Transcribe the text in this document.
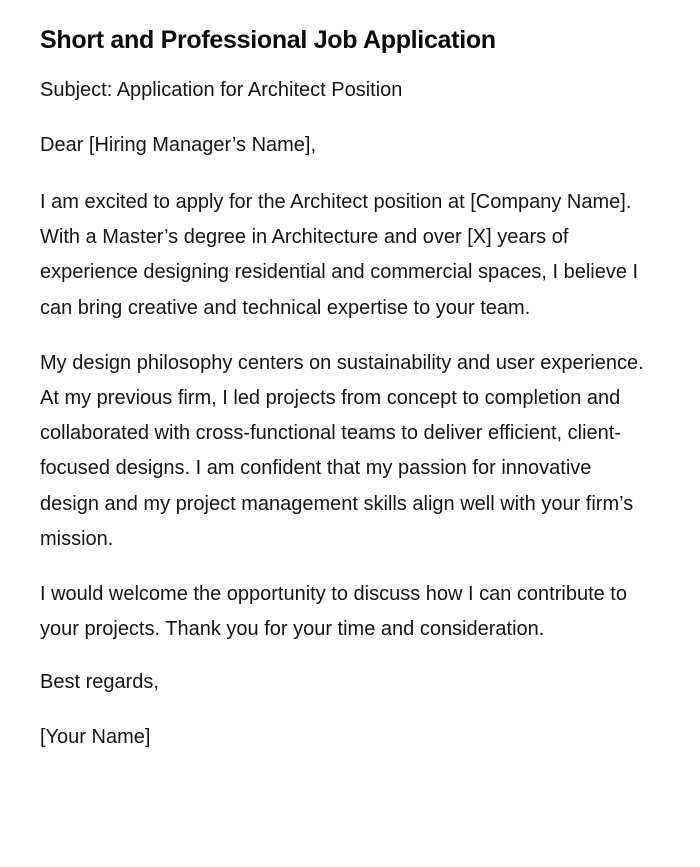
Short and Professional Job Application

Subject: Application for Architect Position

Dear [Hiring Manager’s Name],

I am excited to apply for the Architect position at [Company Name]. With a Master’s degree in Architecture and over [X] years of experience designing residential and commercial spaces, I believe I can bring creative and technical expertise to your team.

My design philosophy centers on sustainability and user experience. At my previous firm, I led projects from concept to completion and collaborated with cross-functional teams to deliver efficient, client-focused designs. I am confident that my passion for innovative design and my project management skills align well with your firm’s mission.

I would welcome the opportunity to discuss how I can contribute to your projects. Thank you for your time and consideration.

Best regards,

[Your Name]
